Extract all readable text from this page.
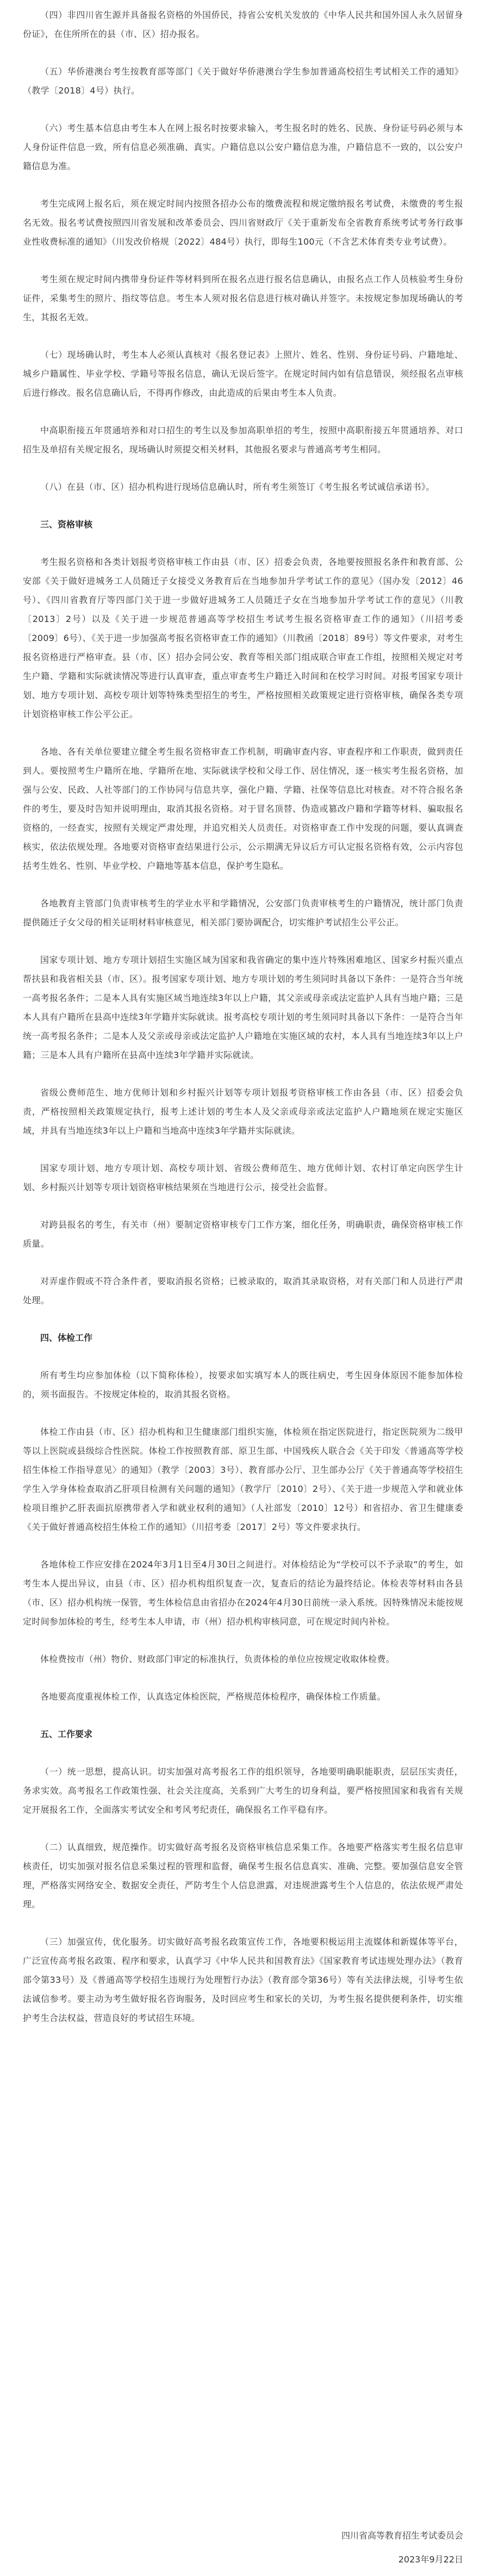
（四）非四川省生源并具备报名资格的外国侨民，持省公安机关发放的《中华人民共和国外国人永久居留身份证》，在住所所在的县（市、区）招办报名。

（五）华侨港澳台考生按教育部等部门《关于做好华侨港澳台学生参加普通高校招生考试相关工作的通知》（教学〔2018〕4号）执行。

（六）考生基本信息由考生本人在网上报名时按要求输入，考生报名时的姓名、民族、身份证号码必须与本人身份证件信息一致，所有信息必须准确、真实。户籍信息以公安户籍信息为准，户籍信息不一致的，以公安户籍信息为准。

考生完成网上报名后，须在规定时间内按照各招办公布的缴费流程和规定缴纳报名考试费，未缴费的考生报名无效。报名考试费按照四川省发展和改革委员会、四川省财政厅《关于重新发布全省教育系统考试考务行政事业性收费标准的通知》（川发改价格规〔2022〕484号）执行，即每生100元（不含艺术体育类专业考试费）。

考生须在规定时间内携带身份证件等材料到所在报名点进行报名信息确认，由报名点工作人员核验考生身份证件，采集考生的照片、指纹等信息。考生本人须对报名信息进行核对确认并签字。未按规定参加现场确认的考生，其报名无效。

（七）现场确认时，考生本人必须认真核对《报名登记表》上照片、姓名、性别、身份证号码、户籍地址、城乡户籍属性、毕业学校、学籍号等报名信息，确认无误后签字。在规定时间内如有信息错误，须经报名点审核后进行修改。报名信息确认后，不得再作修改，由此造成的后果由考生本人负责。

中高职衔接五年贯通培养和对口招生的考生以及参加高职单招的考生，按照中高职衔接五年贯通培养、对口招生及单招有关规定报名，现场确认时须提交相关材料，其他报名要求与普通高考考生相同。

（八）在县（市、区）招办机构进行现场信息确认时，所有考生须签订《考生报名考试诚信承诺书》。

三、资格审核

考生报名资格和各类计划报考资格审核工作由县（市、区）招委会负责，各地要按照报名条件和教育部、公安部《关于做好进城务工人员随迁子女接受义务教育后在当地参加升学考试工作的意见》（国办发〔2012〕46号）、《四川省教育厅等四部门关于进一步做好进城务工人员随迁子女在当地参加升学考试工作的意见》（川教〔2013〕2号）以及《关于进一步规范普通高等学校招生考试考生报名资格审查工作的通知》（川招考委〔2009〕6号）、《关于进一步加强高考报名资格审查工作的通知》（川教函〔2018〕89号）等文件要求，对考生报名资格进行严格审查。县（市、区）招办会同公安、教育等相关部门组成联合审查工作组，按照相关规定对考生户籍、学籍和实际就读情况等进行认真审查，重点审查考生户籍迁入时间和在校学习时间。对报考国家专项计划、地方专项计划、高校专项计划等特殊类型招生的考生，严格按照相关政策规定进行资格审核，确保各类专项计划资格审核工作公平公正。

各地、各有关单位要建立健全考生报名资格审查工作机制，明确审查内容、审查程序和工作职责，做到责任到人。要按照考生户籍所在地、学籍所在地、实际就读学校和父母工作、居住情况，逐一核实考生报名资格，加强与公安、民政、人社等部门的工作协同与信息共享，强化户籍、学籍、社保等信息比对核查。对不符合报名条件的考生，要及时告知并说明理由，取消其报名资格。对于冒名顶替、伪造或篡改户籍和学籍等材料、骗取报名资格的，一经查实，按照有关规定严肃处理，并追究相关人员责任。对资格审查工作中发现的问题，要认真调查核实，依法依规处理。各地要对资格审查结果进行公示，公示期满无异议后方可认定报名资格有效，公示内容包括考生姓名、性别、毕业学校、户籍地等基本信息，保护考生隐私。

各地教育主管部门负责审核考生的学业水平和学籍情况，公安部门负责审核考生的户籍情况，统计部门负责提供随迁子女父母的相关证明材料审核意见，相关部门要协调配合，切实维护考试招生公平公正。

国家专项计划、地方专项计划招生实施区域为国家和我省确定的集中连片特殊困难地区、国家乡村振兴重点帮扶县和我省相关县（市、区）。报考国家专项计划、地方专项计划的考生须同时具备以下条件：一是符合当年统一高考报名条件；二是本人具有实施区域当地连续3年以上户籍，其父亲或母亲或法定监护人具有当地户籍；三是本人具有户籍所在县高中连续3年学籍并实际就读。报考高校专项计划的考生须同时具备以下条件：一是符合当年统一高考报名条件；二是本人及父亲或母亲或法定监护人户籍地在实施区域的农村，本人具有当地连续3年以上户籍；三是本人具有户籍所在县高中连续3年学籍并实际就读。

省级公费师范生、地方优师计划和乡村振兴计划等专项计划报考资格审核工作由各县（市、区）招委会负责，严格按照相关政策规定执行，报考上述计划的考生本人及父亲或母亲或法定监护人户籍地须在规定实施区域，并具有当地连续3年以上户籍和当地高中连续3年学籍并实际就读。

国家专项计划、地方专项计划、高校专项计划、省级公费师范生、地方优师计划、农村订单定向医学生计划、乡村振兴计划等专项计划资格审核结果须在当地进行公示，接受社会监督。

对跨县报名的考生，有关市（州）要制定资格审核专门工作方案，细化任务，明确职责，确保资格审核工作质量。

对弄虚作假或不符合条件者，要取消报名资格；已被录取的，取消其录取资格，对有关部门和人员进行严肃处理。

四、体检工作

所有考生均应参加体检（以下简称体检），按要求如实填写本人的既往病史，考生因身体原因不能参加体检的，须书面报告。不按规定体检的，取消其报名资格。

体检工作由县（市、区）招办机构和卫生健康部门组织实施，体检须在指定医院进行，指定医院须为二级甲等以上医院或县级综合性医院。体检工作按照教育部、原卫生部、中国残疾人联合会《关于印发〈普通高等学校招生体检工作指导意见〉的通知》（教学〔2003〕3号）、教育部办公厅、卫生部办公厅《关于普通高等学校招生学生入学身体检查取消乙肝项目检测有关问题的通知》（教学厅〔2010〕2号）、《关于进一步规范入学和就业体检项目维护乙肝表面抗原携带者入学和就业权利的通知》（人社部发〔2010〕12号）和省招办、省卫生健康委《关于做好普通高校招生体检工作的通知》（川招考委〔2017〕2号）等文件要求执行。

各地体检工作应安排在2024年3月1日至4月30日之间进行。对体检结论为“学校可以不予录取”的考生，如考生本人提出异议，由县（市、区）招办机构组织复查一次，复查后的结论为最终结论。体检表等材料由各县（市、区）招办机构统一保管，考生体检信息由省招办在2024年4月30日前统一录入系统。因特殊情况未能按规定时间参加体检的考生，经考生本人申请，市（州）招办机构审核同意，可在规定时间内补检。

体检费按市（州）物价、财政部门审定的标准执行，负责体检的单位应按规定收取体检费。

各地要高度重视体检工作，认真选定体检医院，严格规范体检程序，确保体检工作质量。

五、工作要求

（一）统一思想，提高认识。切实加强对高考报名工作的组织领导，各地要明确职能职责，层层压实责任，务求实效。高考报名工作政策性强、社会关注度高，关系到广大考生的切身利益，要严格按照国家和我省有关规定开展报名工作，全面落实考试安全和考风考纪责任，确保报名工作平稳有序。

（二）认真细致，规范操作。切实做好高考报名及资格审核信息采集工作。各地要严格落实考生报名信息审核责任，切实加强对报名信息采集过程的管理和监督，确保考生报名信息真实、准确、完整。要加强信息安全管理，严格落实网络安全、数据安全责任，严防考生个人信息泄露，对违规泄露考生个人信息的，依法依规严肃处理。

（三）加强宣传，优化服务。切实做好高考报名政策宣传工作，各地要积极运用主流媒体和新媒体等平台，广泛宣传高考报名政策、程序和要求，认真学习《中华人民共和国教育法》《国家教育考试违规处理办法》（教育部令第33号）及《普通高等学校招生违规行为处理暂行办法》（教育部令第36号）等有关法律法规，引导考生依法诚信参考。要主动为考生做好报名咨询服务，及时回应考生和家长的关切，为考生报名提供便利条件，切实维护考生合法权益，营造良好的考试招生环境。

四川省高等教育招生考试委员会
2023年9月22日
